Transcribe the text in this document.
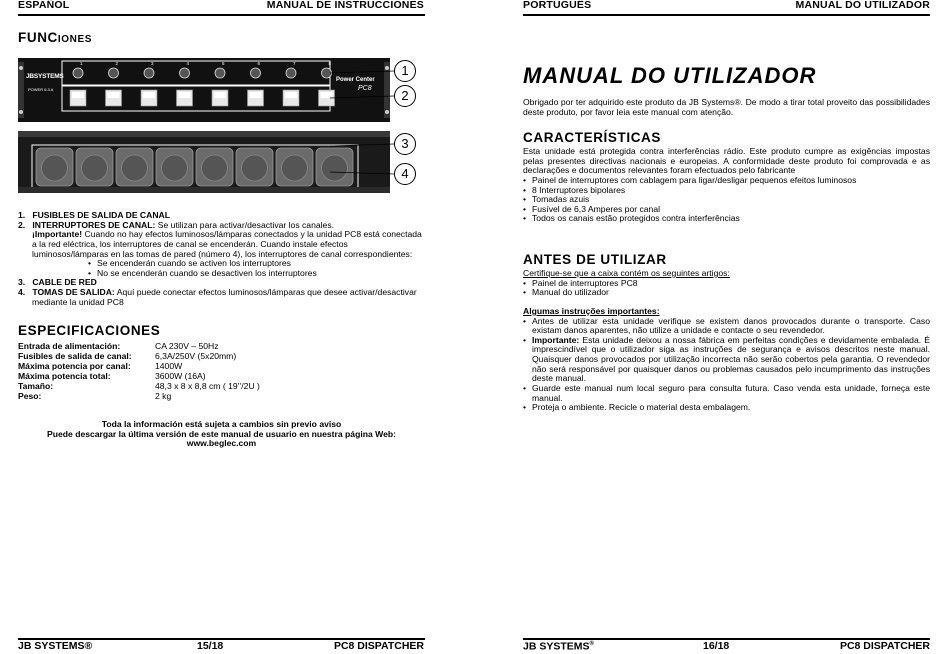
ESPAÑOL	MANUAL DE INSTRUCCIONES
FUNCIONES
1	2	3	4	5	6	7	8
JBSYSTEMS
POWER 6.3 A
Power Center
PC8
1
2
3
4

1. FUSIBLES DE SALIDA DE CANAL

2. INTERRUPTORES DE CANAL: Se utilizan para activar/desactivar los canales.

¡Importante! Cuando no hay efectos luminosos/lámparas conectados y la unidad PC8 está conectada a la red eléctrica, los interruptores de canal se encenderán. Cuando instale efectos luminosos/lámparas en las tomas de pared (número 4), los interruptores de canal correspondientes:

• Se encenderán cuando se activen los interruptores
• No se encenderán cuando se desactiven los interruptores

3. CABLE DE RED

4. TOMAS DE SALIDA: Aquí puede conectar efectos luminosos/lámparas que desee activar/desactivar mediante la unidad PC8

ESPECIFICACIONES
Entrada de alimentación:	CA 230V – 50Hz
Fusibles de salida de canal:	6,3A/250V (5x20mm)
Máxima potencia por canal:	1400W
Máxima potencia total:	3600W (16A)
Tamaño:	48,3 x 8 x 8,8 cm ( 19’’/2U )
Peso:	2 kg

Toda la información está sujeta a cambios sin previo aviso

Puede descargar la última versión de este manual de usuario en nuestra página Web:

www.beglec.com

JB SYSTEMS®	15/18	PC8 DISPATCHER
PORTUGUÊS	MANUAL DO UTILIZADOR
MANUAL DO UTILIZADOR

Obrigado por ter adquirido este produto da JB Systems®. De modo a tirar total proveito das possibilidades deste produto, por favor leia este manual com atenção.

CARACTERÍSTICAS

Esta unidade está protegida contra interferências rádio. Este produto cumpre as exigências impostas pelas presentes directivas nacionais e europeias. A conformidade deste produto foi comprovada e as declarações e documentos relevantes foram efectuados pelo fabricante

• Painel de interruptores com cablagem para ligar/desligar pequenos efeitos luminosos
• 8 Interruptores bipolares
• Tomadas azuis
• Fusível de 6,3 Amperes por canal
• Todos os canais estão protegidos contra interferências
ANTES DE UTILIZAR

Certifique-se que a caixa contém os seguintes artigos:

• Painel de interruptores PC8
• Manual do utilizador

Algumas instruções importantes:

• Antes de utilizar esta unidade verifique se existem danos provocados durante o transporte. Caso existam danos aparentes, não utilize a unidade e contacte o seu revendedor.
• Importante: Esta unidade deixou a nossa fábrica em perfeitas condições e devidamente embalada. É imprescindível que o utilizador siga as instruções de segurança e avisos descritos neste manual. Quaisquer danos provocados por utilização incorrecta não serão cobertos pela garantia. O revendedor não será responsável por quaisquer danos ou problemas causados pelo incumprimento das instruções deste manual.
• Guarde este manual num local seguro para consulta futura. Caso venda esta unidade, forneça este manual.
• Proteja o ambiente. Recicle o material desta embalagem.
JB SYSTEMS®	16/18	PC8 DISPATCHER
